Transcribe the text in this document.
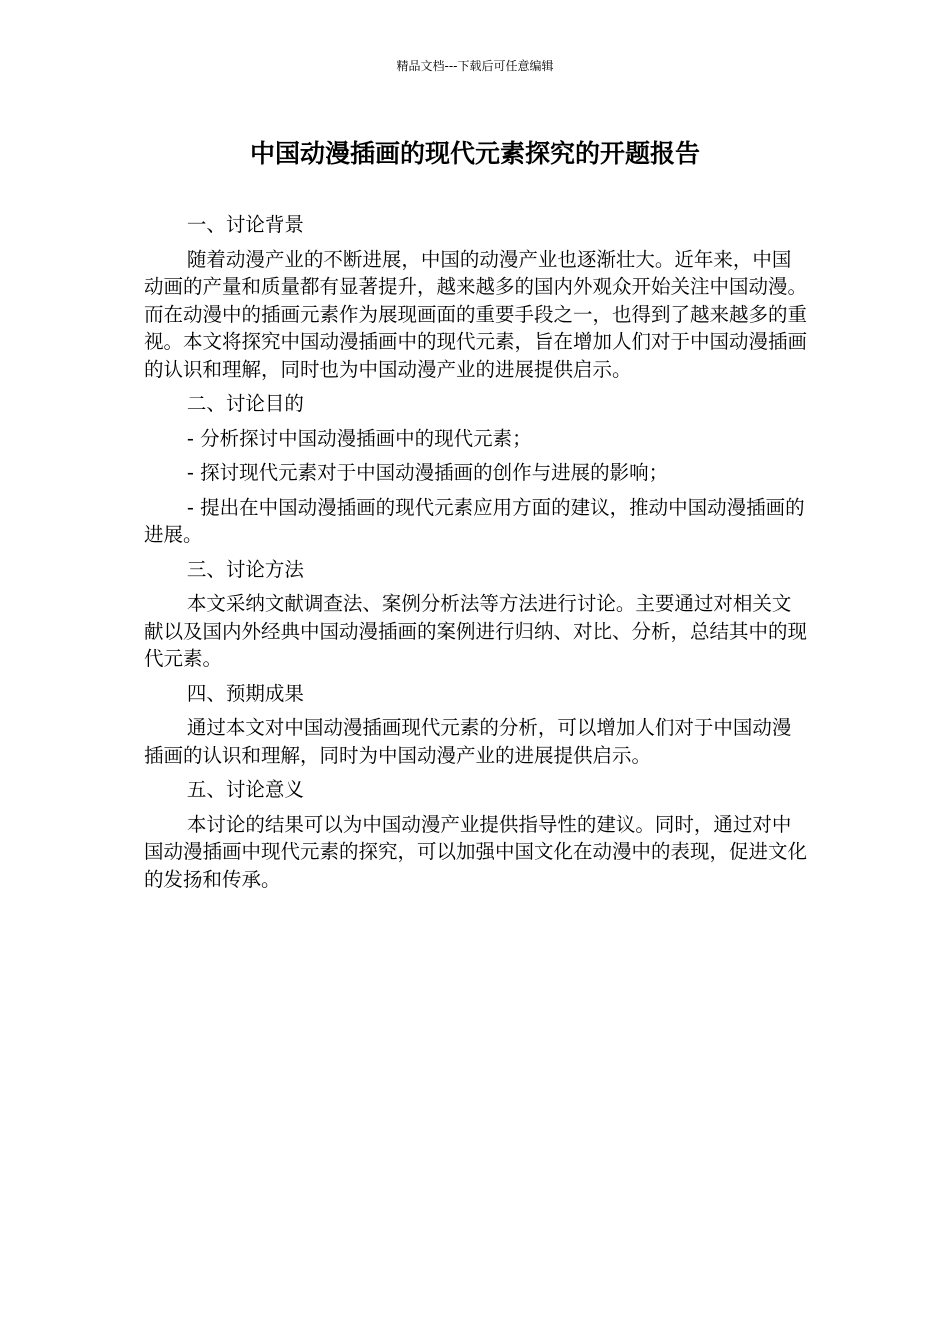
精品文档---下载后可任意编辑
中国动漫插画的现代元素探究的开题报告

一、讨论背景

随着动漫产业的不断进展，中国的动漫产业也逐渐壮大。近年来，中国动画的产量和质量都有显著提升，越来越多的国内外观众开始关注中国动漫。而在动漫中的插画元素作为展现画面的重要手段之一，也得到了越来越多的重视。本文将探究中国动漫插画中的现代元素，旨在增加人们对于中国动漫插画的认识和理解，同时也为中国动漫产业的进展提供启示。

二、讨论目的

- 分析探讨中国动漫插画中的现代元素；

- 探讨现代元素对于中国动漫插画的创作与进展的影响；

- 提出在中国动漫插画的现代元素应用方面的建议，推动中国动漫插画的进展。

三、讨论方法

本文采纳文献调查法、案例分析法等方法进行讨论。主要通过对相关文献以及国内外经典中国动漫插画的案例进行归纳、对比、分析，总结其中的现代元素。

四、预期成果

通过本文对中国动漫插画现代元素的分析，可以增加人们对于中国动漫插画的认识和理解，同时为中国动漫产业的进展提供启示。

五、讨论意义

本讨论的结果可以为中国动漫产业提供指导性的建议。同时，通过对中国动漫插画中现代元素的探究，可以加强中国文化在动漫中的表现，促进文化的发扬和传承。
